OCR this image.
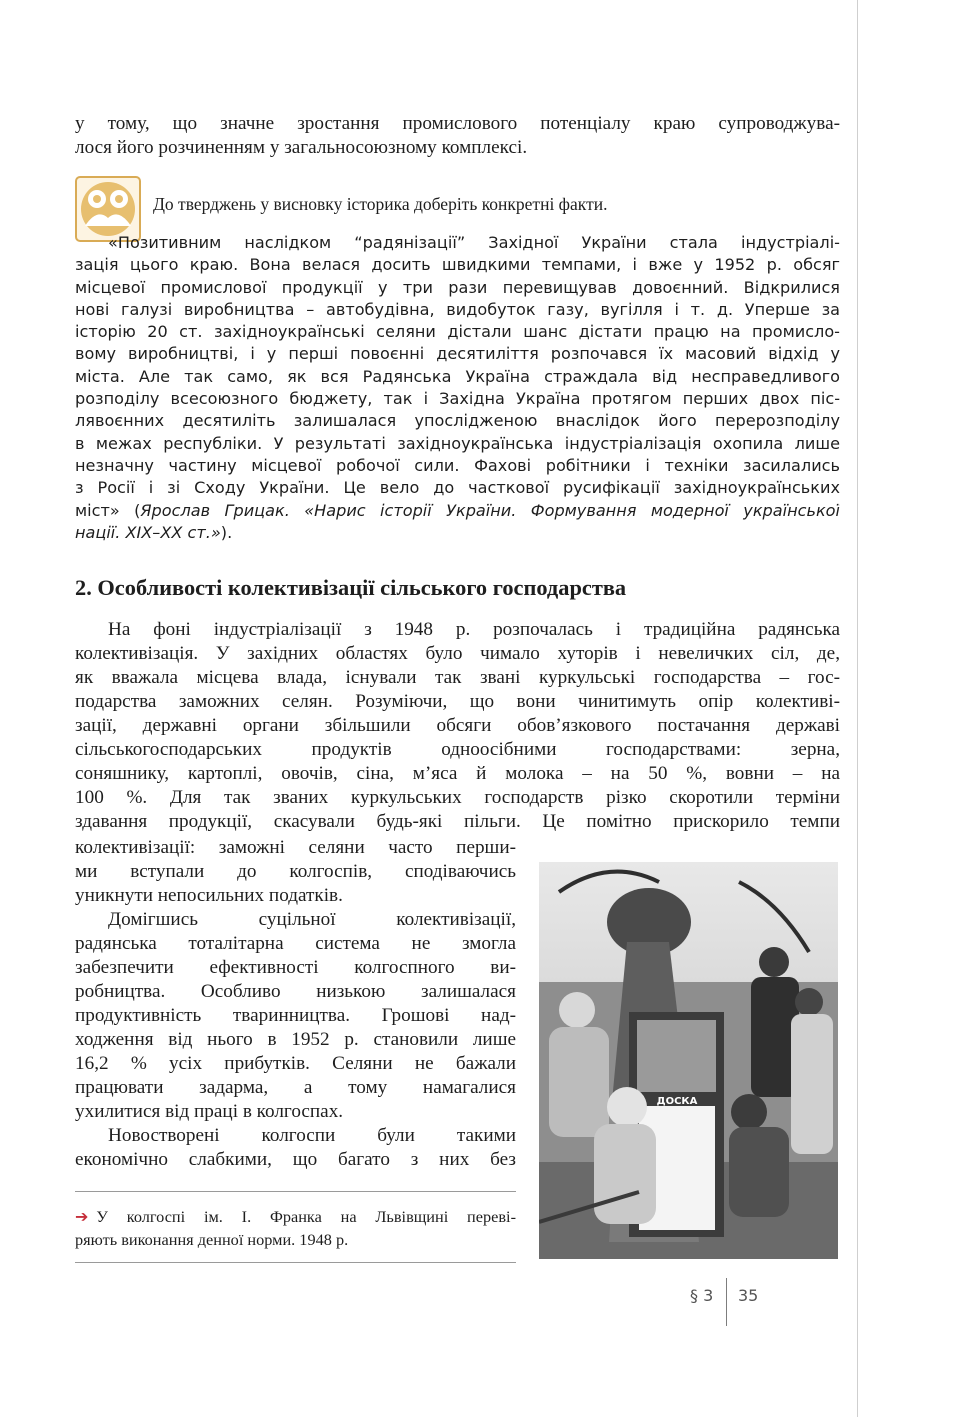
у тому, що значне зростання промислового потенціалу краю супроводжува-
лося його розчиненням у загальносоюзному комплексі.
До тверджень у висновку історика доберіть конкретні факти.
«Позитивним наслідком “радянізації” Західної України стала індустріалі-
зація цього краю. Вона велася досить швидкими темпами, і вже у 1952 р. обсяг
місцевої промислової продукції у три рази перевищував довоєнний. Відкрилися
нові галузі виробництва – автобудівна, видобуток газу, вугілля і т. д. Уперше за
історію 20 ст. західноукраїнські селяни дістали шанс дістати працю на промисло-
вому виробництві, і у перші повоєнні десятиліття розпочався їх масовий відхід у
міста. Але так само, як вся Радянська Україна страждала від несправедливого
розподілу всесоюзного бюджету, так і Західна Україна протягом перших двох піс-
лявоєнних десятиліть залишалася упослідженою внаслідок його перерозподілу
в межах республіки. У результаті західноукраїнська індустріалізація охопила лише
незначну частину місцевої робочої сили. Фахові робітники і техніки засилались
з Росії і зі Сходу України. Це вело до часткової русифікації західноукраїнських
міст» (Ярослав Грицак. «Нарис історії України. Формування модерної української
нації. XIX–XX ст.»).
2. Особливості колективізації сільського господарства
На фоні індустріалізації з 1948 р. розпочалась і традиційна радянська
колективізація. У західних областях було чимало хуторів і невеличких сіл, де,
як вважала місцева влада, існували так звані куркульські господарства – гос-
подарства заможних селян. Розуміючи, що вони чинитимуть опір колективі-
зації, державні органи збільшили обсяги обов’язкового постачання державі
сільськогосподарських продуктів одноосібними господарствами: зерна,
соняшнику, картоплі, овочів, сіна, м’яса й молока – на 50 %, вовни – на
100 %. Для так званих куркульських господарств різко скоротили терміни
здавання продукції, скасували будь-які пільги. Це помітно прискорило темпи
колективізації: заможні селяни часто перши-
ми вступали до колгоспів, сподіваючись
уникнути непосильних податків.
Домігшись суцільної колективізації,
радянська тоталітарна система не змогла
забезпечити ефективності колгоспного ви-
робництва. Особливо низькою залишалася
продуктивність тваринництва. Грошові над-
ходження від нього в 1952 р. становили лише
16,2 % усіх прибутків. Селяни не бажали
працювати задарма, а тому намагалися
ухилитися від праці в колгоспах.
Новостворені колгоспи були такими
економічно слабкими, що багато з них без
ДОСКА
➔ У колгоспі ім. І. Франка на Львівщині переві-
ряють виконання денної норми. 1948 р.
§ 3 35
